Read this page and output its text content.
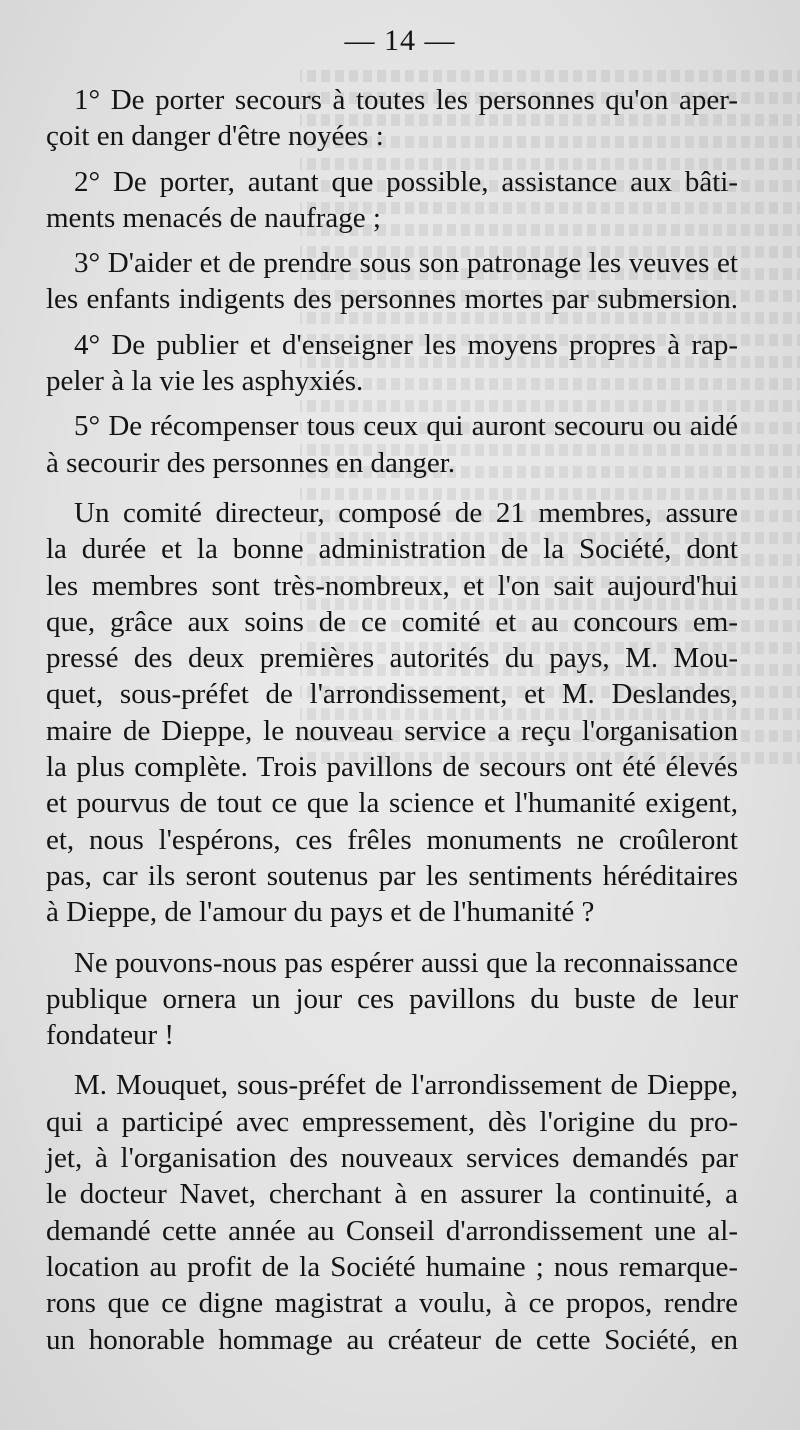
— 14 —
1° De porter secours à toutes les personnes qu'on aper-
çoit en danger d'être noyées :
2° De porter, autant que possible, assistance aux bâti-
ments menacés de naufrage ;
3° D'aider et de prendre sous son patronage les veuves et
les enfants indigents des personnes mortes par submersion.
4° De publier et d'enseigner les moyens propres à rap-
peler à la vie les asphyxiés.
5° De récompenser tous ceux qui auront secouru ou aidé
à secourir des personnes en danger.
Un comité directeur, composé de 21 membres, assure
la durée et la bonne administration de la Société, dont
les membres sont très-nombreux, et l'on sait aujourd'hui
que, grâce aux soins de ce comité et au concours em-
pressé des deux premières autorités du pays, M. Mou-
quet, sous-préfet de l'arrondissement, et M. Deslandes,
maire de Dieppe, le nouveau service a reçu l'organisation
la plus complète. Trois pavillons de secours ont été élevés
et pourvus de tout ce que la science et l'humanité exigent,
et, nous l'espérons, ces frêles monuments ne croûleront
pas, car ils seront soutenus par les sentiments héréditaires
à Dieppe, de l'amour du pays et de l'humanité ?
Ne pouvons-nous pas espérer aussi que la reconnaissance
publique ornera un jour ces pavillons du buste de leur
fondateur !
M. Mouquet, sous-préfet de l'arrondissement de Dieppe,
qui a participé avec empressement, dès l'origine du pro-
jet, à l'organisation des nouveaux services demandés par
le docteur Navet, cherchant à en assurer la continuité, a
demandé cette année au Conseil d'arrondissement une al-
location au profit de la Société humaine ; nous remarque-
rons que ce digne magistrat a voulu, à ce propos, rendre
un honorable hommage au créateur de cette Société, en
